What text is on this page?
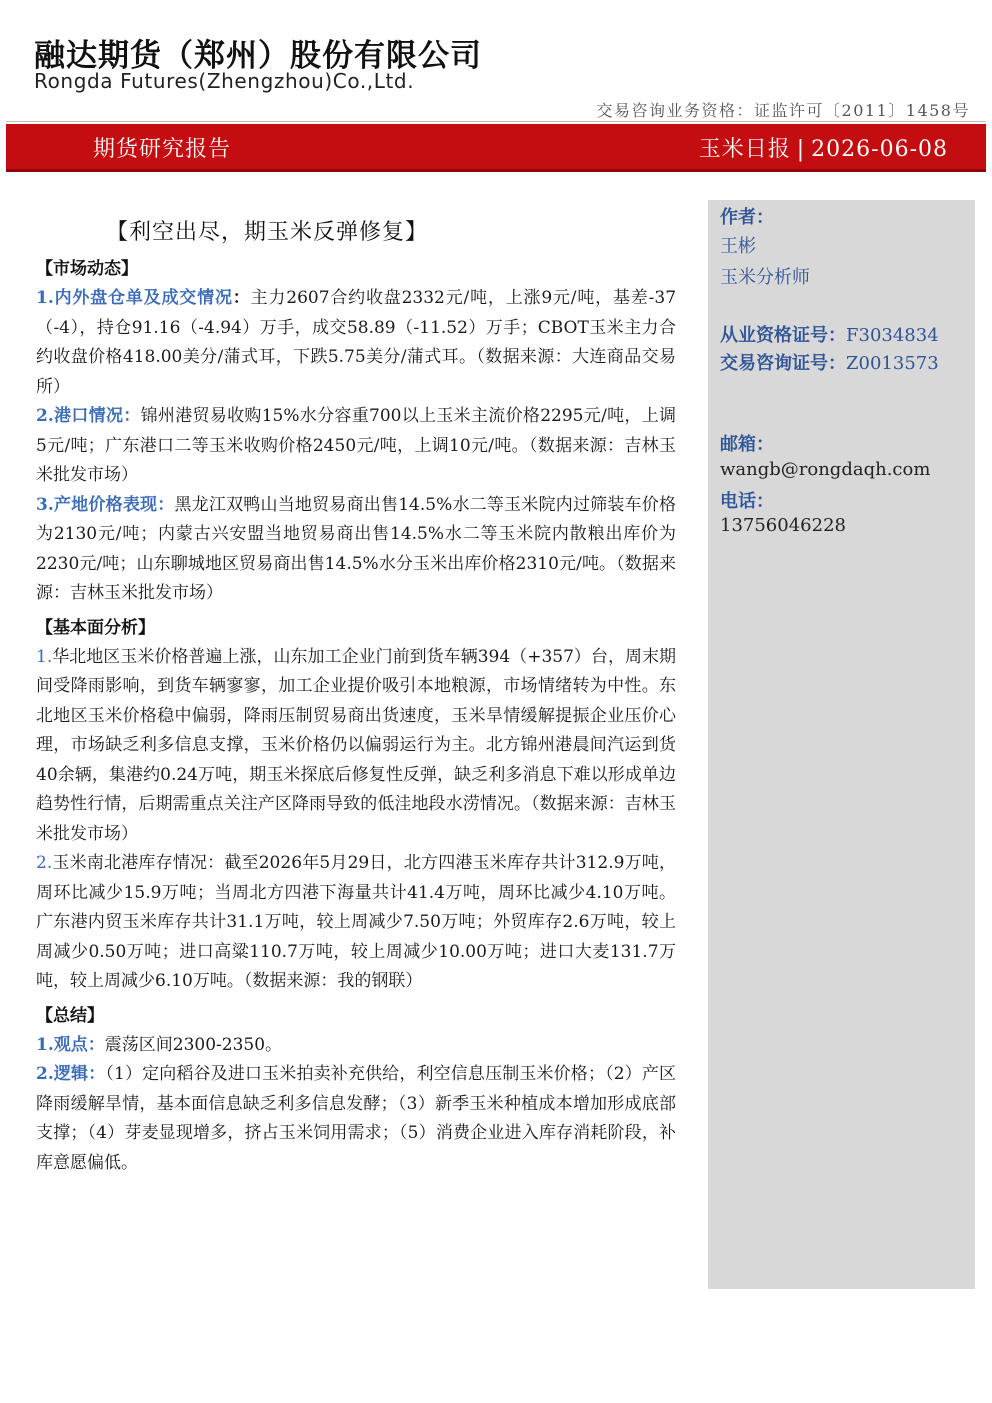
融达期货（郑州）股份有限公司
Rongda Futures(Zhengzhou)Co.,Ltd.
交易咨询业务资格：证监许可〔2011〕1458号
期货研究报告	玉米日报 | 2026-06-08
【利空出尽，期玉米反弹修复】
【市场动态】

1.内外盘仓单及成交情况：主力2607合约收盘2332元/吨，上涨9元/吨，基差-37（-4），持仓91.16（-4.94）万手，成交58.89（-11.52）万手；CBOT玉米主力合约收盘价格418.00美分/蒲式耳，下跌5.75美分/蒲式耳。（数据来源：大连商品交易所）

2.港口情况：锦州港贸易收购15%水分容重700以上玉米主流价格2295元/吨，上调5元/吨；广东港口二等玉米收购价格2450元/吨，上调10元/吨。（数据来源：吉林玉米批发市场）

3.产地价格表现：黑龙江双鸭山当地贸易商出售14.5%水二等玉米院内过筛装车价格为2130元/吨；内蒙古兴安盟当地贸易商出售14.5%水二等玉米院内散粮出库价为2230元/吨；山东聊城地区贸易商出售14.5%水分玉米出库价格2310元/吨。（数据来源：吉林玉米批发市场）

【基本面分析】

1.华北地区玉米价格普遍上涨，山东加工企业门前到货车辆394（+357）台，周末期间受降雨影响，到货车辆寥寥，加工企业提价吸引本地粮源，市场情绪转为中性。东北地区玉米价格稳中偏弱，降雨压制贸易商出货速度，玉米旱情缓解提振企业压价心理，市场缺乏利多信息支撑，玉米价格仍以偏弱运行为主。北方锦州港晨间汽运到货40余辆，集港约0.24万吨，期玉米探底后修复性反弹，缺乏利多消息下难以形成单边趋势性行情，后期需重点关注产区降雨导致的低洼地段水涝情况。（数据来源：吉林玉米批发市场）

2.玉米南北港库存情况：截至2026年5月29日，北方四港玉米库存共计312.9万吨，周环比减少15.9万吨；当周北方四港下海量共计41.4万吨，周环比减少4.10万吨。广东港内贸玉米库存共计31.1万吨，较上周减少7.50万吨；外贸库存2.6万吨，较上周减少0.50万吨；进口高粱110.7万吨，较上周减少10.00万吨；进口大麦131.7万吨，较上周减少6.10万吨。（数据来源：我的钢联）

【总结】

1.观点：震荡区间2300-2350。

2.逻辑：（1）定向稻谷及进口玉米拍卖补充供给，利空信息压制玉米价格；（2）产区降雨缓解旱情，基本面信息缺乏利多信息发酵；（3）新季玉米种植成本增加形成底部支撑；（4）芽麦显现增多，挤占玉米饲用需求；（5）消费企业进入库存消耗阶段，补库意愿偏低。

作者：
王彬
玉米分析师
从业资格证号：F3034834
交易咨询证号：Z0013573
邮箱：
wangb@rongdaqh.com
电话：
13756046228
